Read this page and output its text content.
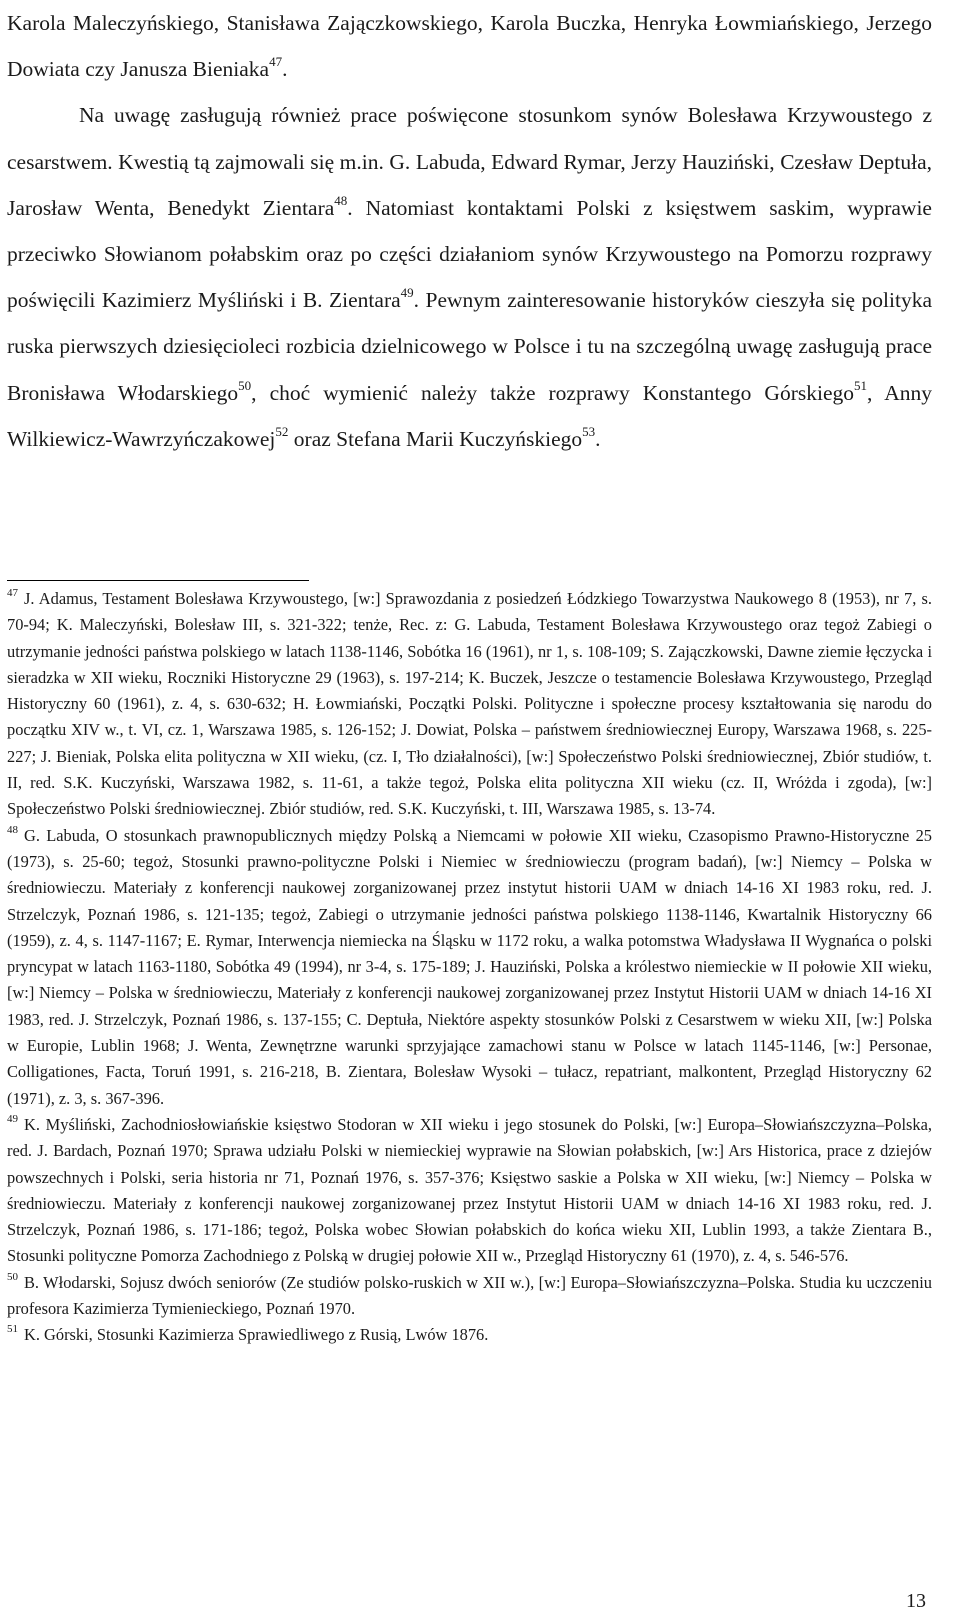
Karola Maleczyńskiego, Stanisława Zajączkowskiego, Karola Buczka, Henryka Łowmiańskiego, Jerzego Dowiata czy Janusza Bieniaka$^{47}$.

Na uwagę zasługują również prace poświęcone stosunkom synów Bolesława Krzywoustego z cesarstwem. Kwestią tą zajmowali się m.in. G. Labuda, Edward Rymar, Jerzy Hauziński, Czesław Deptuła, Jarosław Wenta, Benedykt Zientara$^{48}$. Natomiast kontaktami Polski z księstwem saskim, wyprawie przeciwko Słowianom połabskim oraz po części działaniom synów Krzywoustego na Pomorzu rozprawy poświęcili Kazimierz Myśliński i B. Zientara$^{49}$. Pewnym zainteresowanie historyków cieszyła się polityka ruska pierwszych dziesięcioleci rozbicia dzielnicowego w Polsce i tu na szczególną uwagę zasługują prace Bronisława Włodarskiego$^{50}$, choć wymienić należy także rozprawy Konstantego Górskiego$^{51}$, Anny Wilkiewicz-Wawrzyńczakowej$^{52}$ oraz Stefana Marii Kuczyńskiego$^{53}$.

$^{47}$ J. Adamus, Testament Bolesława Krzywoustego, [w:] Sprawozdania z posiedzeń Łódzkiego Towarzystwa Naukowego 8 (1953), nr 7, s. 70-94; K. Maleczyński, Bolesław III, s. 321-322; tenże, Rec. z: G. Labuda, Testament Bolesława Krzywoustego oraz tegoż Zabiegi o utrzymanie jedności państwa polskiego w latach 1138-1146, Sobótka 16 (1961), nr 1, s. 108-109; S. Zajączkowski, Dawne ziemie łęczycka i sieradzka w XII wieku, Roczniki Historyczne 29 (1963), s. 197-214; K. Buczek, Jeszcze o testamencie Bolesława Krzywoustego, Przegląd Historyczny 60 (1961), z. 4, s. 630-632; H. Łowmiański, Początki Polski. Polityczne i społeczne procesy kształtowania się narodu do początku XIV w., t. VI, cz. 1, Warszawa 1985, s. 126-152; J. Dowiat, Polska – państwem średniowiecznej Europy, Warszawa 1968, s. 225-227; J. Bieniak, Polska elita polityczna w XII wieku, (cz. I, Tło działalności), [w:] Społeczeństwo Polski średniowiecznej, Zbiór studiów, t. II, red. S.K. Kuczyński, Warszawa 1982, s. 11-61, a także tegoż, Polska elita polityczna XII wieku (cz. II, Wróżda i zgoda), [w:] Społeczeństwo Polski średniowiecznej. Zbiór studiów, red. S.K. Kuczyński, t. III, Warszawa 1985, s. 13-74.

$^{48}$ G. Labuda, O stosunkach prawnopublicznych między Polską a Niemcami w połowie XII wieku, Czasopismo Prawno-Historyczne 25 (1973), s. 25-60; tegoż, Stosunki prawno-polityczne Polski i Niemiec w średniowieczu (program badań), [w:] Niemcy – Polska w średniowieczu. Materiały z konferencji naukowej zorganizowanej przez instytut historii UAM w dniach 14-16 XI 1983 roku, red. J. Strzelczyk, Poznań 1986, s. 121-135; tegoż, Zabiegi o utrzymanie jedności państwa polskiego 1138-1146, Kwartalnik Historyczny 66 (1959), z. 4, s. 1147-1167; E. Rymar, Interwencja niemiecka na Śląsku w 1172 roku, a walka potomstwa Władysława II Wygnańca o polski pryncypat w latach 1163-1180, Sobótka 49 (1994), nr 3-4, s. 175-189; J. Hauziński, Polska a królestwo niemieckie w II połowie XII wieku, [w:] Niemcy – Polska w średniowieczu, Materiały z konferencji naukowej zorganizowanej przez Instytut Historii UAM w dniach 14-16 XI 1983, red. J. Strzelczyk, Poznań 1986, s. 137-155; C. Deptuła, Niektóre aspekty stosunków Polski z Cesarstwem w wieku XII, [w:] Polska w Europie, Lublin 1968; J. Wenta, Zewnętrzne warunki sprzyjające zamachowi stanu w Polsce w latach 1145-1146, [w:] Personae, Colligationes, Facta, Toruń 1991, s. 216-218, B. Zientara, Bolesław Wysoki – tułacz, repatriant, malkontent, Przegląd Historyczny 62 (1971), z. 3, s. 367-396.

$^{49}$ K. Myśliński, Zachodniosłowiańskie księstwo Stodoran w XII wieku i jego stosunek do Polski, [w:] Europa–Słowiańszczyzna–Polska, red. J. Bardach, Poznań 1970; Sprawa udziału Polski w niemieckiej wyprawie na Słowian połabskich, [w:] Ars Historica, prace z dziejów powszechnych i Polski, seria historia nr 71, Poznań 1976, s. 357-376; Księstwo saskie a Polska w XII wieku, [w:] Niemcy – Polska w średniowieczu. Materiały z konferencji naukowej zorganizowanej przez Instytut Historii UAM w dniach 14-16 XI 1983 roku, red. J. Strzelczyk, Poznań 1986, s. 171-186; tegoż, Polska wobec Słowian połabskich do końca wieku XII, Lublin 1993, a także Zientara B., Stosunki polityczne Pomorza Zachodniego z Polską w drugiej połowie XII w., Przegląd Historyczny 61 (1970), z. 4, s. 546-576.

$^{50}$ B. Włodarski, Sojusz dwóch seniorów (Ze studiów polsko-ruskich w XII w.), [w:] Europa–Słowiańszczyzna–Polska. Studia ku uczczeniu profesora Kazimierza Tymienieckiego, Poznań 1970.

$^{51}$ K. Górski, Stosunki Kazimierza Sprawiedliwego z Rusią, Lwów 1876.

13
